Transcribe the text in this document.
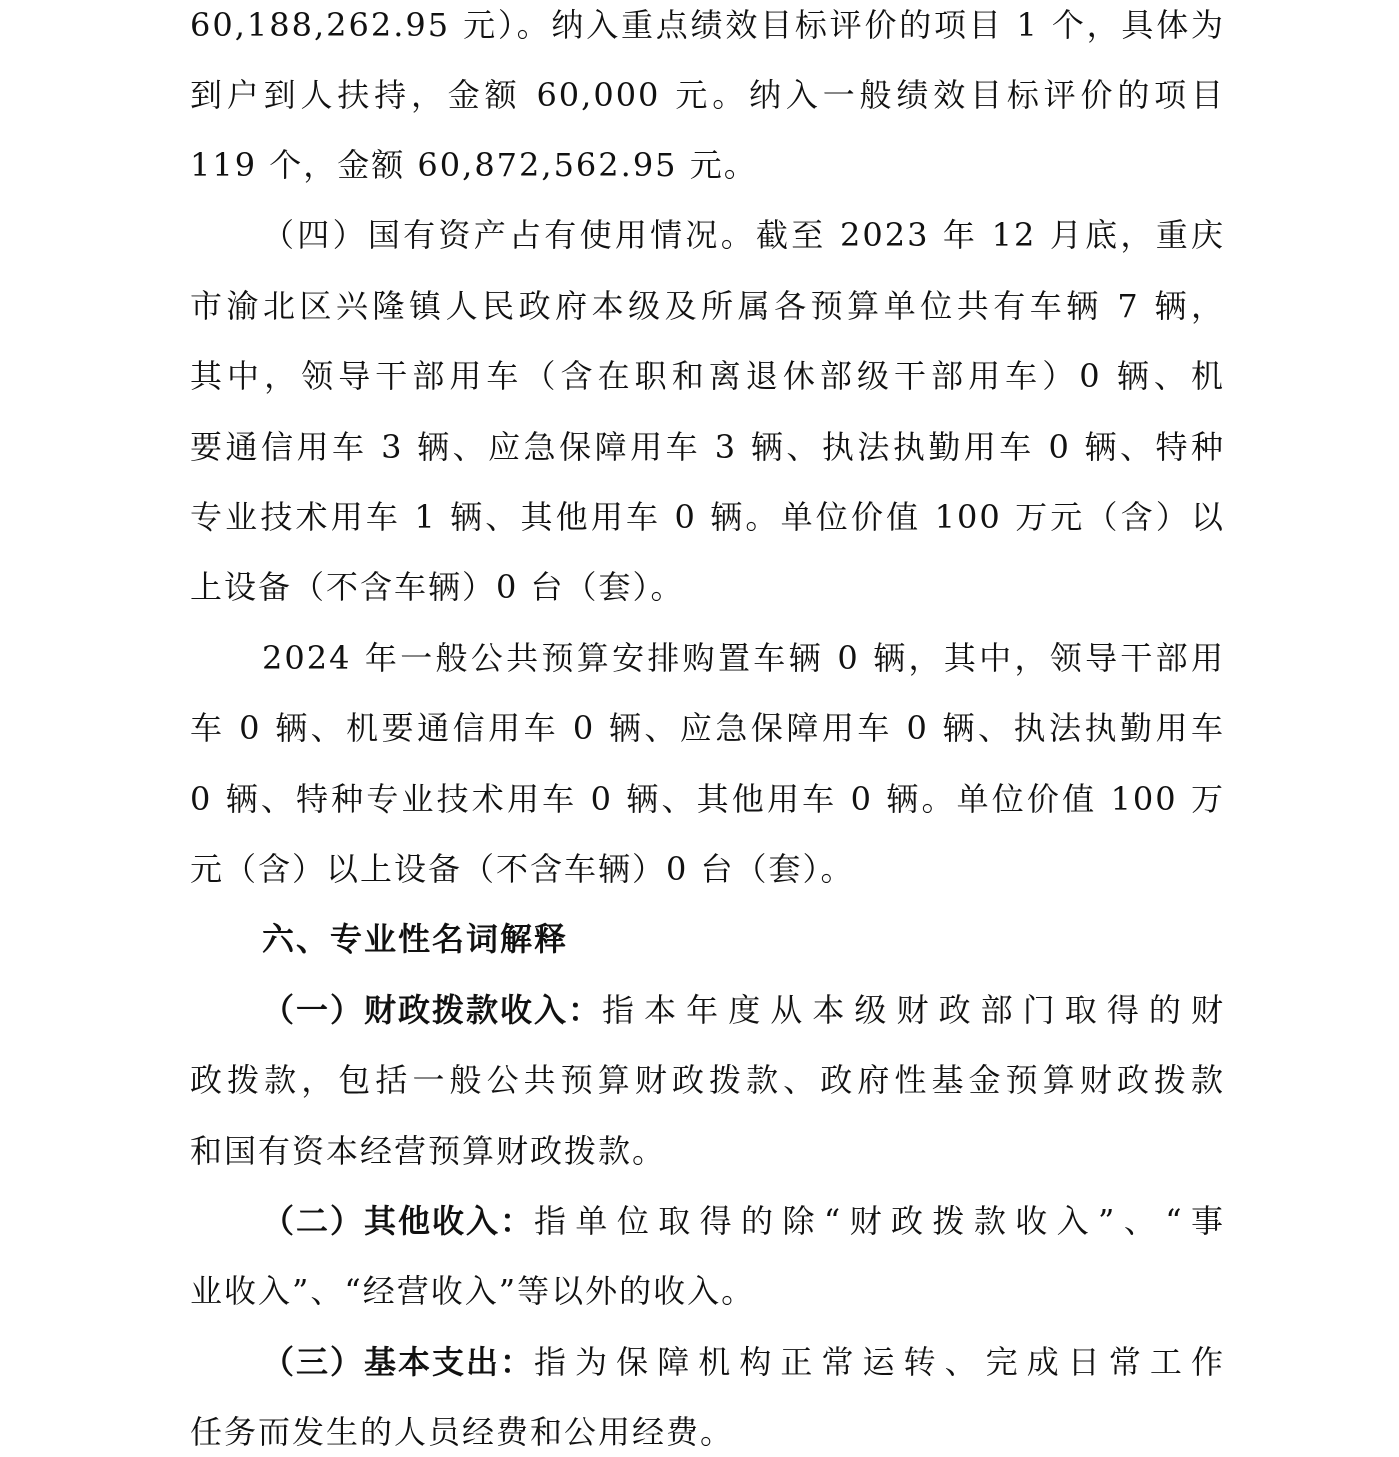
60,188,262.95 元）。纳入重点绩效目标评价的项目 1 个，具体为
到户到人扶持，金额 60,000 元。纳入一般绩效目标评价的项目
119 个，金额 60,872,562.95 元。
（四）国有资产占有使用情况。截至 2023 年 12 月底，重庆
市渝北区兴隆镇人民政府本级及所属各预算单位共有车辆 7 辆，
其中，领导干部用车（含在职和离退休部级干部用车）0 辆、机
要通信用车 3 辆、应急保障用车 3 辆、执法执勤用车 0 辆、特种
专业技术用车 1 辆、其他用车 0 辆。单位价值 100 万元（含）以
上设备（不含车辆）0 台（套）。
2024 年一般公共预算安排购置车辆 0 辆，其中，领导干部用
车 0 辆、机要通信用车 0 辆、应急保障用车 0 辆、执法执勤用车
0 辆、特种专业技术用车 0 辆、其他用车 0 辆。单位价值 100 万
元（含）以上设备（不含车辆）0 台（套）。
六、专业性名词解释
（一）财政拨款收入： 指本年度从本级财政部门取得的财
政拨款，包括一般公共预算财政拨款、政府性基金预算财政拨款
和国有资本经营预算财政拨款。
（二）其他收入： 指单位取得的除“财政拨款收入”、“事
业收入”、“经营收入”等以外的收入。
（三）基本支出： 指为保障机构正常运转、完成日常工作
任务而发生的人员经费和公用经费。
